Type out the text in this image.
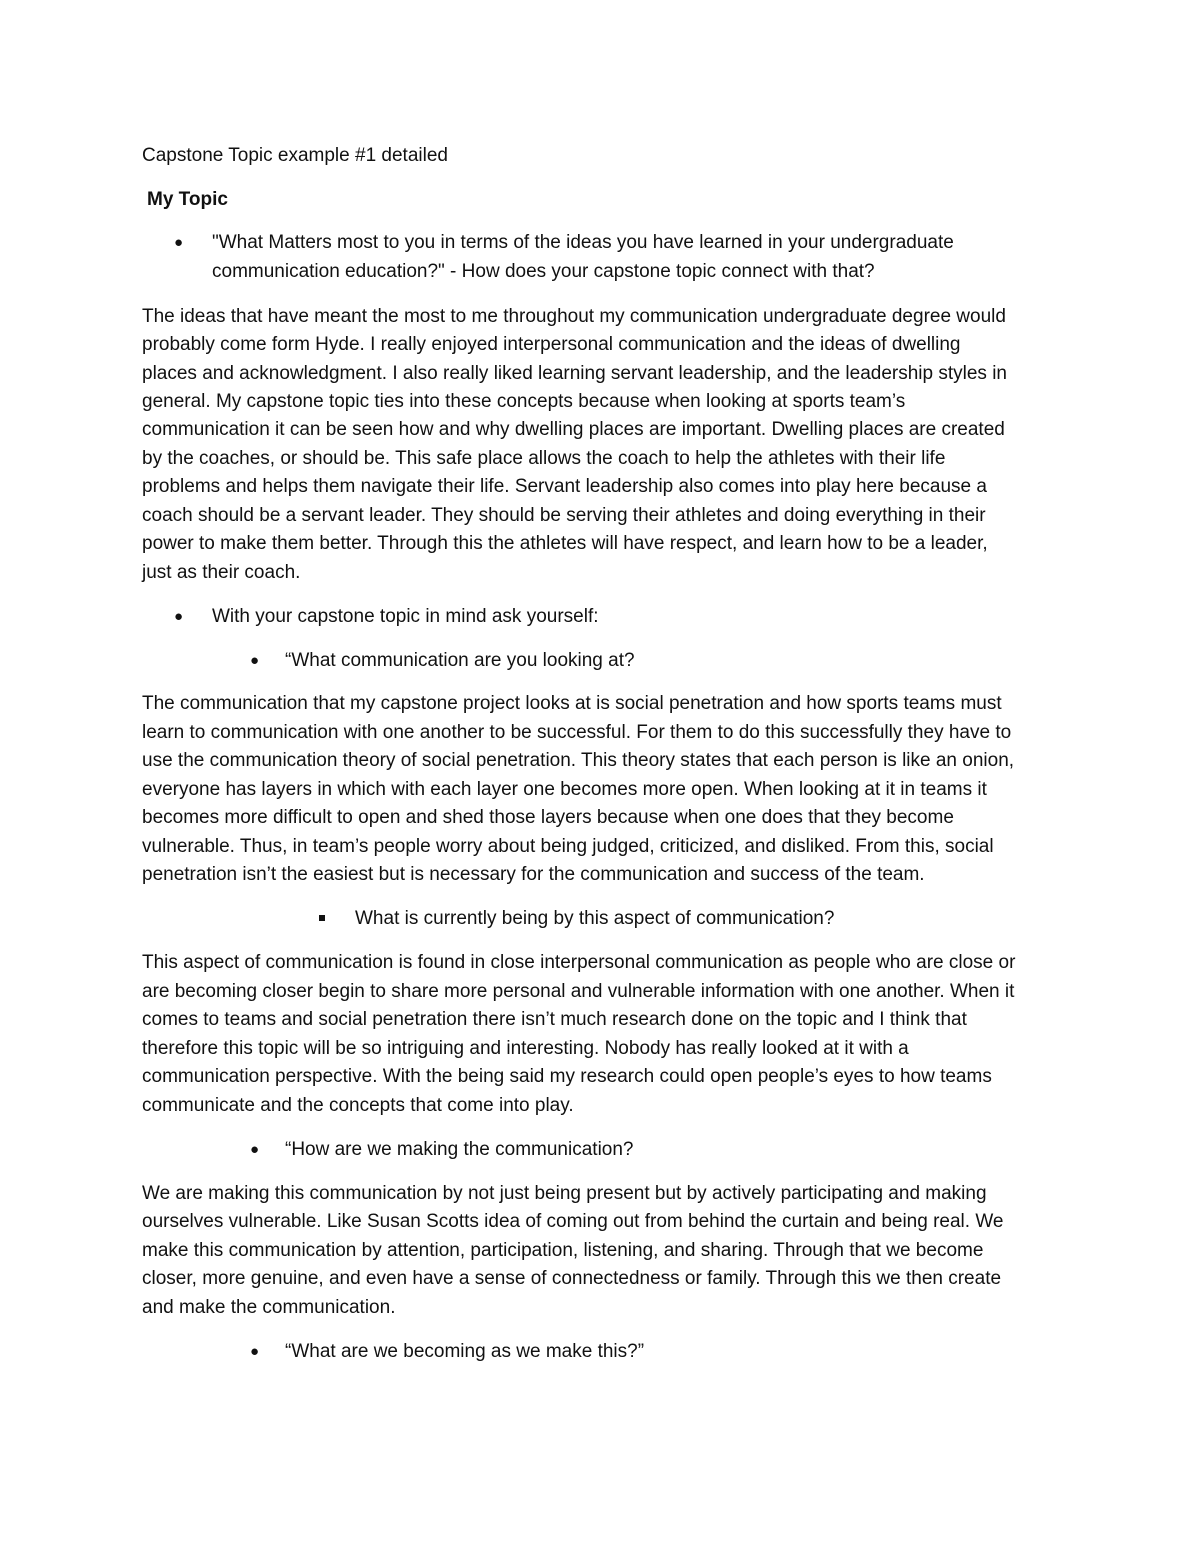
Capstone Topic example #1 detailed
My Topic
● "What Matters most to you in terms of the ideas you have learned in your undergraduate
communication education?" - How does your capstone topic connect with that?
The ideas that have meant the most to me throughout my communication undergraduate degree would
probably come form Hyde. I really enjoyed interpersonal communication and the ideas of dwelling
places and acknowledgment. I also really liked learning servant leadership, and the leadership styles in
general. My capstone topic ties into these concepts because when looking at sports team’s
communication it can be seen how and why dwelling places are important. Dwelling places are created
by the coaches, or should be. This safe place allows the coach to help the athletes with their life
problems and helps them navigate their life. Servant leadership also comes into play here because a
coach should be a servant leader. They should be serving their athletes and doing everything in their
power to make them better. Through this the athletes will have respect, and learn how to be a leader,
just as their coach.
● With your capstone topic in mind ask yourself:
● “What communication are you looking at?
The communication that my capstone project looks at is social penetration and how sports teams must
learn to communication with one another to be successful. For them to do this successfully they have to
use the communication theory of social penetration. This theory states that each person is like an onion,
everyone has layers in which with each layer one becomes more open. When looking at it in teams it
becomes more difficult to open and shed those layers because when one does that they become
vulnerable. Thus, in team’s people worry about being judged, criticized, and disliked. From this, social
penetration isn’t the easiest but is necessary for the communication and success of the team.
What is currently being by this aspect of communication?
This aspect of communication is found in close interpersonal communication as people who are close or
are becoming closer begin to share more personal and vulnerable information with one another. When it
comes to teams and social penetration there isn’t much research done on the topic and I think that
therefore this topic will be so intriguing and interesting. Nobody has really looked at it with a
communication perspective. With the being said my research could open people’s eyes to how teams
communicate and the concepts that come into play.
● “How are we making the communication?
We are making this communication by not just being present but by actively participating and making
ourselves vulnerable. Like Susan Scotts idea of coming out from behind the curtain and being real. We
make this communication by attention, participation, listening, and sharing. Through that we become
closer, more genuine, and even have a sense of connectedness or family. Through this we then create
and make the communication.
● “What are we becoming as we make this?”
